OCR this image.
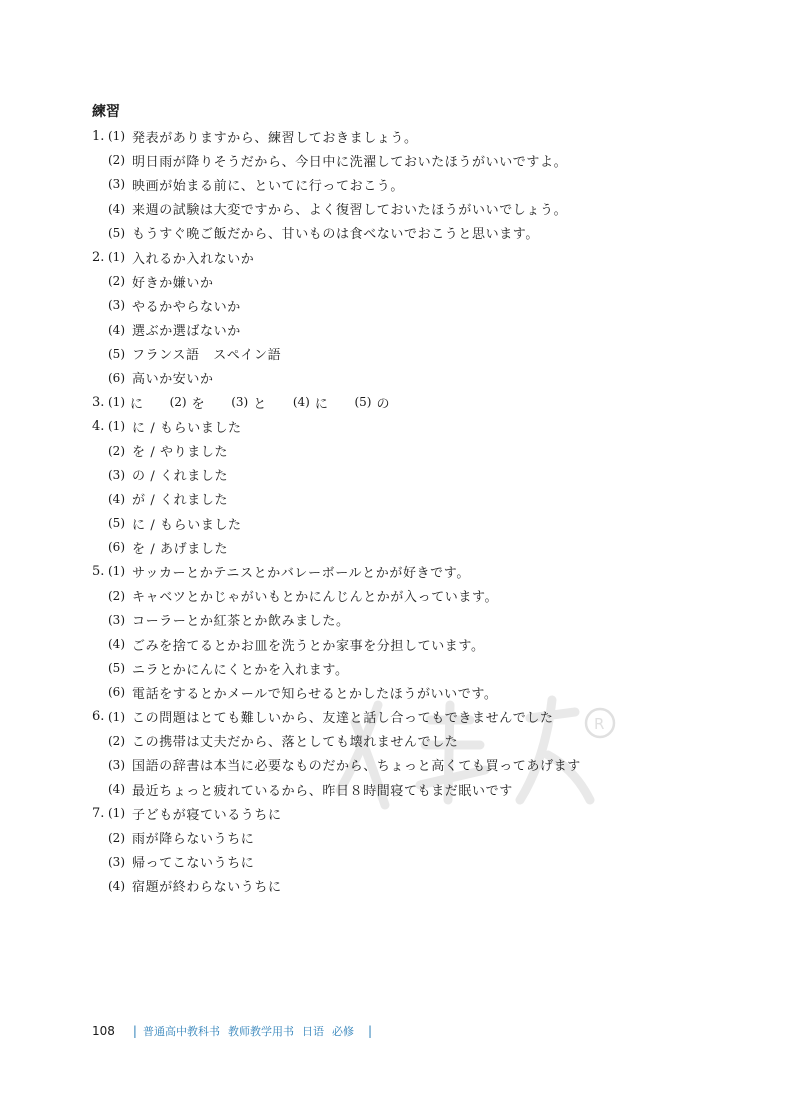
R
練習
1. (1) 発表がありますから、練習しておきましょう。
(2) 明日雨が降りそうだから、今日中に洗濯しておいたほうがいいですよ。
(3) 映画が始まる前に、といてに行っておこう。
(4) 来週の試験は大変ですから、よく復習しておいたほうがいいでしょう。
(5) もうすぐ晩ご飯だから、甘いものは食べないでおこうと思います。
2. (1) 入れるか入れないか
(2) 好きか嫌いか
(3) やるかやらないか
(4) 選ぶか選ばないか
(5) フランス語　スペイン語
(6) 高いか安いか
3. (1) に (2) を (3) と (4) に (5) の
4. (1) に / もらいました
(2) を / やりました
(3) の / くれました
(4) が / くれました
(5) に / もらいました
(6) を / あげました
5. (1) サッカーとかテニスとかバレーボールとかが好きです。
(2) キャベツとかじゃがいもとかにんじんとかが入っています。
(3) コーラーとか紅茶とか飲みました。
(4) ごみを捨てるとかお皿を洗うとか家事を分担しています。
(5) ニラとかにんにくとかを入れます。
(6) 電話をするとかメールで知らせるとかしたほうがいいです。
6. (1) この問題はとても難しいから、友達と話し合ってもできませんでした
(2) この携帯は丈夫だから、落としても壊れませんでした
(3) 国語の辞書は本当に必要なものだから、ちょっと高くても買ってあげます
(4) 最近ちょっと疲れているから、昨日８時間寝てもまだ眠いです
7. (1) 子どもが寝ているうちに
(2) 雨が降らないうちに
(3) 帰ってこないうちに
(4) 宿題が終わらないうちに
108 | 普通高中教科书 教师教学用书 日语 必修 |
